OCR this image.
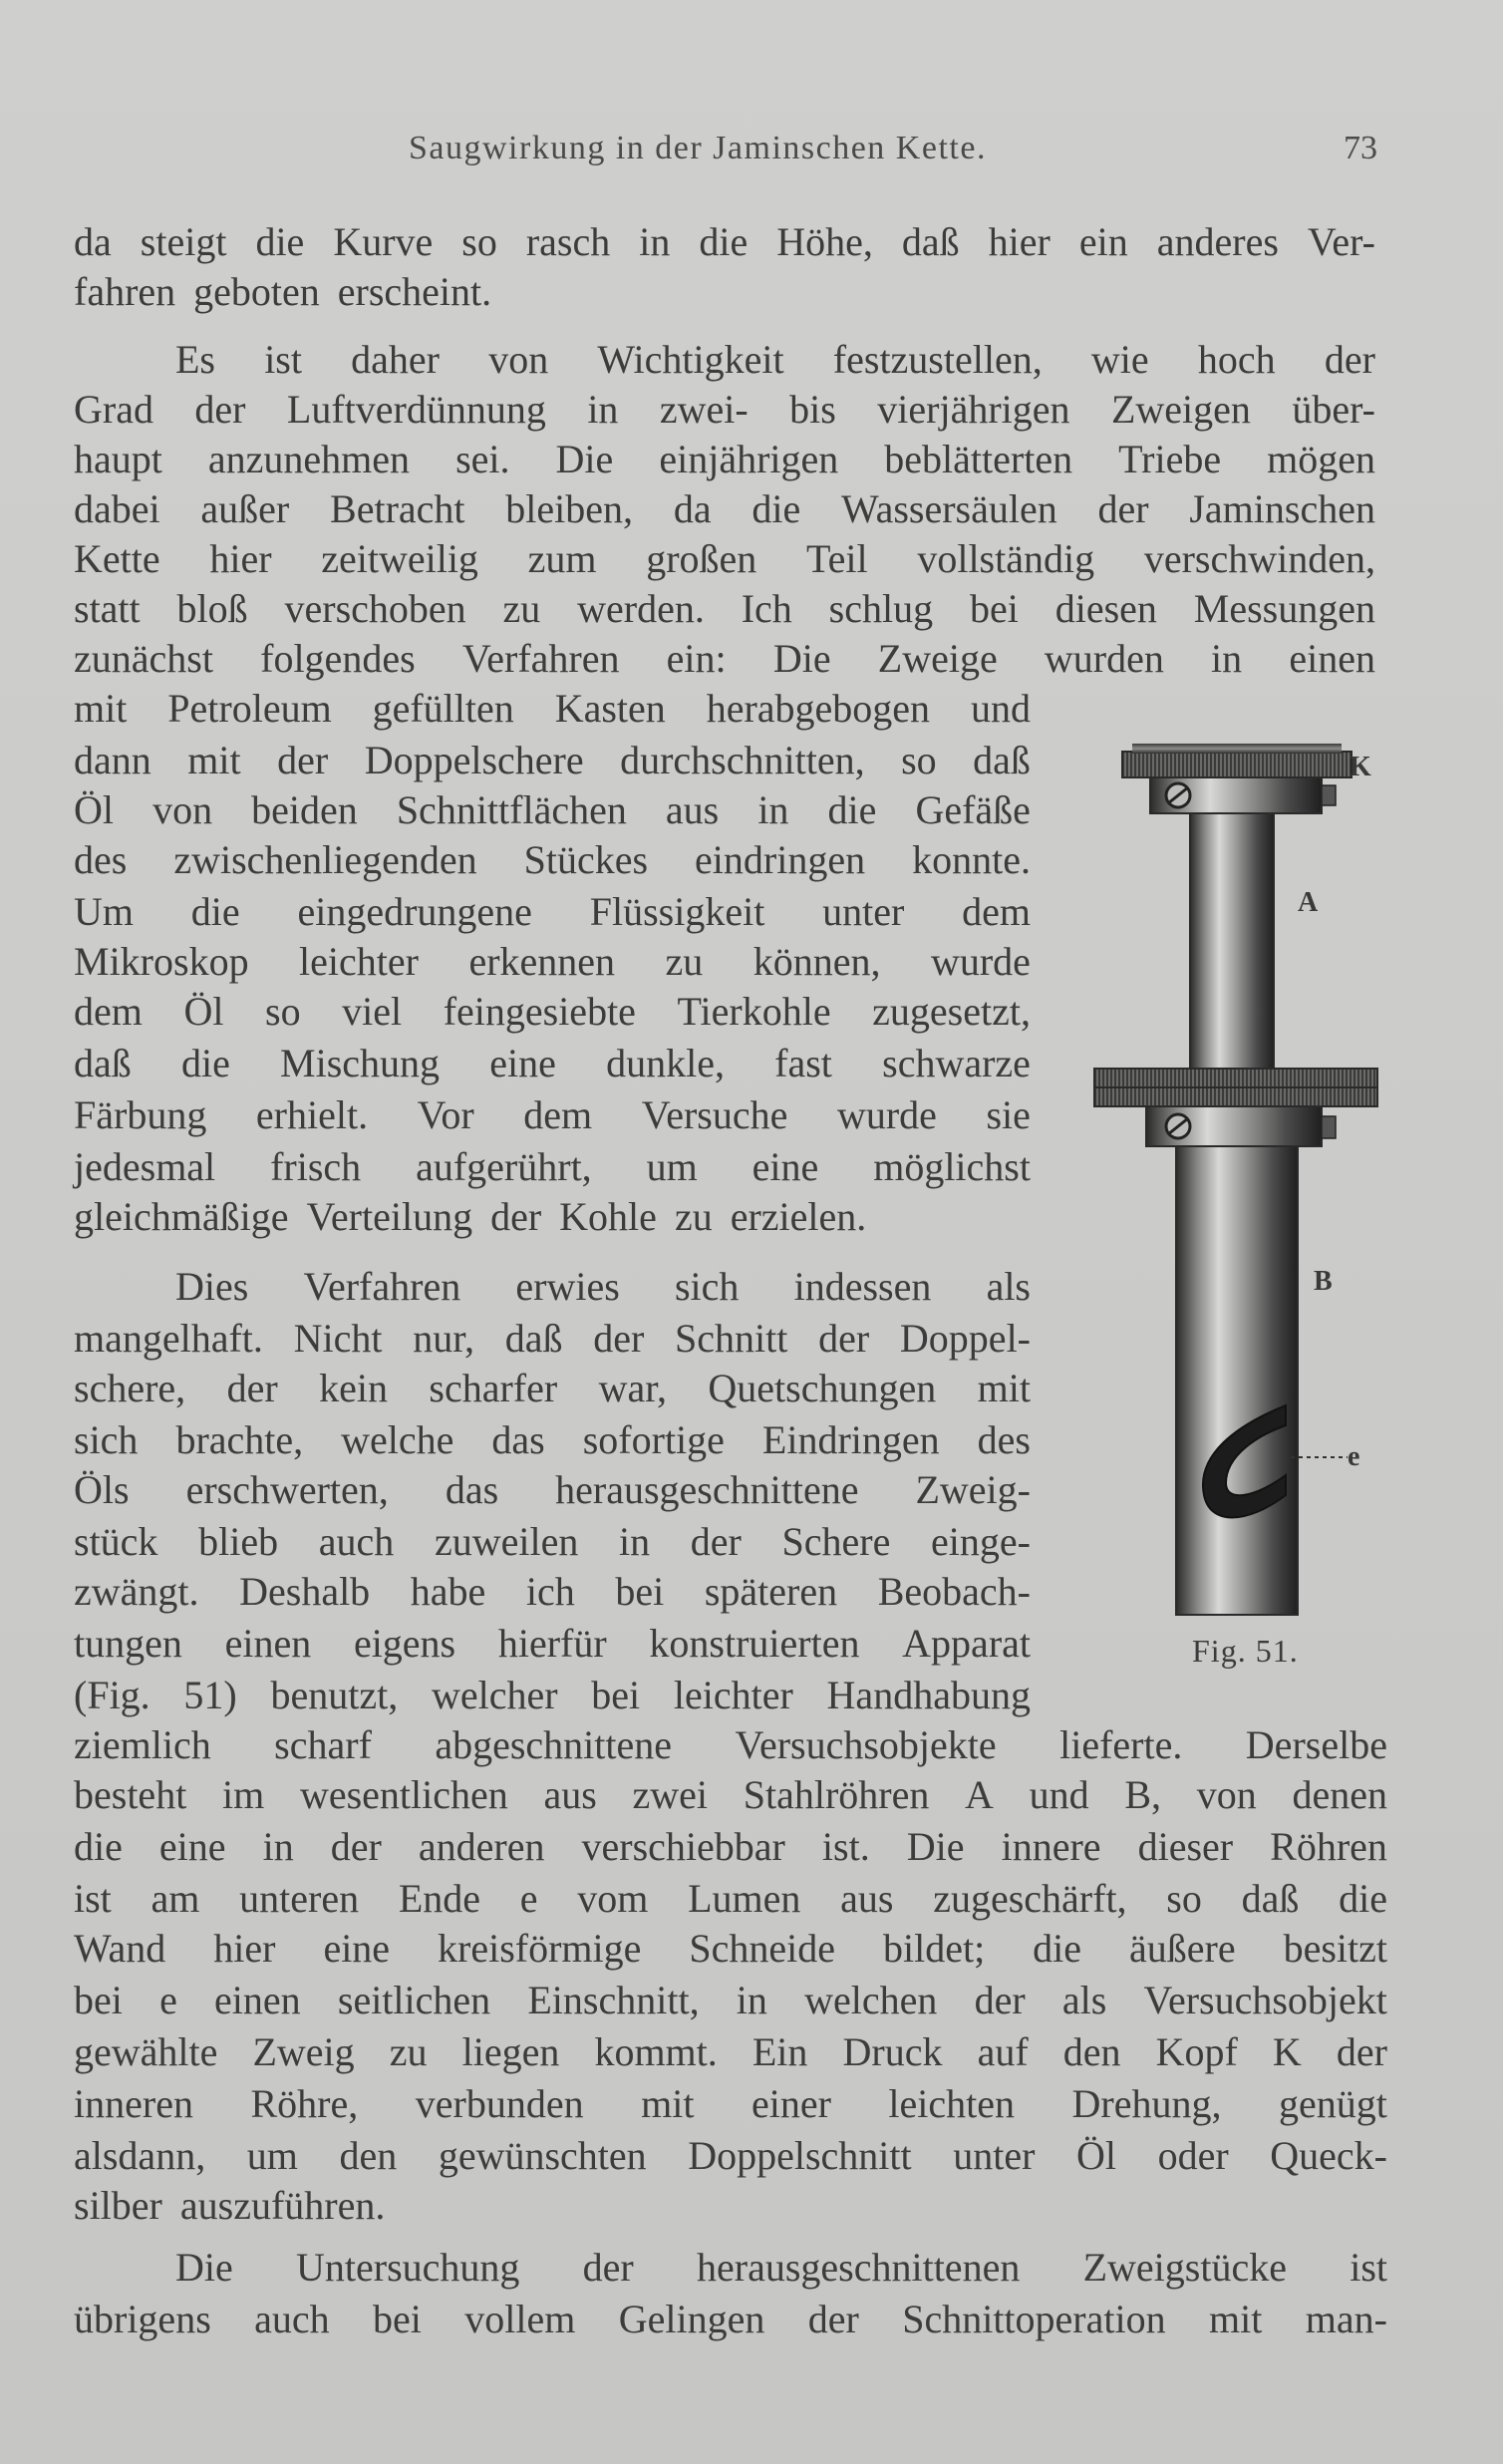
Saugwirkung in der Jaminschen Kette.	73
da steigt die Kurve so rasch in die Höhe, daß hier ein anderes Ver-
fahren geboten erscheint.
Es ist daher von Wichtigkeit festzustellen, wie hoch der
Grad der Luftverdünnung in zwei- bis vierjährigen Zweigen über-
haupt anzunehmen sei. Die einjährigen beblätterten Triebe mögen
dabei außer Betracht bleiben, da die Wassersäulen der Jaminschen
Kette hier zeitweilig zum großen Teil vollständig verschwinden,
statt bloß verschoben zu werden. Ich schlug bei diesen Messungen
zunächst folgendes Verfahren ein: Die Zweige wurden in einen
mit Petroleum gefüllten Kasten herabgebogen und
dann mit der Doppelschere durchschnitten, so daß
Öl von beiden Schnittflächen aus in die Gefäße
des zwischenliegenden Stückes eindringen konnte.
Um die eingedrungene Flüssigkeit unter dem
Mikroskop leichter erkennen zu können, wurde
dem Öl so viel feingesiebte Tierkohle zugesetzt,
daß die Mischung eine dunkle, fast schwarze
Färbung erhielt. Vor dem Versuche wurde sie
jedesmal frisch aufgerührt, um eine möglichst
gleichmäßige Verteilung der Kohle zu erzielen.
Dies Verfahren erwies sich indessen als
mangelhaft. Nicht nur, daß der Schnitt der Doppel-
schere, der kein scharfer war, Quetschungen mit
sich brachte, welche das sofortige Eindringen des
Öls erschwerten, das herausgeschnittene Zweig-
stück blieb auch zuweilen in der Schere einge-
zwängt. Deshalb habe ich bei späteren Beobach-
tungen einen eigens hierfür konstruierten Apparat
(Fig. 51) benutzt, welcher bei leichter Handhabung
ziemlich scharf abgeschnittene Versuchsobjekte lieferte. Derselbe
besteht im wesentlichen aus zwei Stahlröhren A und B, von denen
die eine in der anderen verschiebbar ist. Die innere dieser Röhren
ist am unteren Ende e vom Lumen aus zugeschärft, so daß die
Wand hier eine kreisförmige Schneide bildet; die äußere besitzt
bei e einen seitlichen Einschnitt, in welchen der als Versuchsobjekt
gewählte Zweig zu liegen kommt. Ein Druck auf den Kopf K der
inneren Röhre, verbunden mit einer leichten Drehung, genügt
alsdann, um den gewünschten Doppelschnitt unter Öl oder Queck-
silber auszuführen.
Die Untersuchung der herausgeschnittenen Zweigstücke ist
übrigens auch bei vollem Gelingen der Schnittoperation mit man-
K
A
B
e
Fig. 51.
